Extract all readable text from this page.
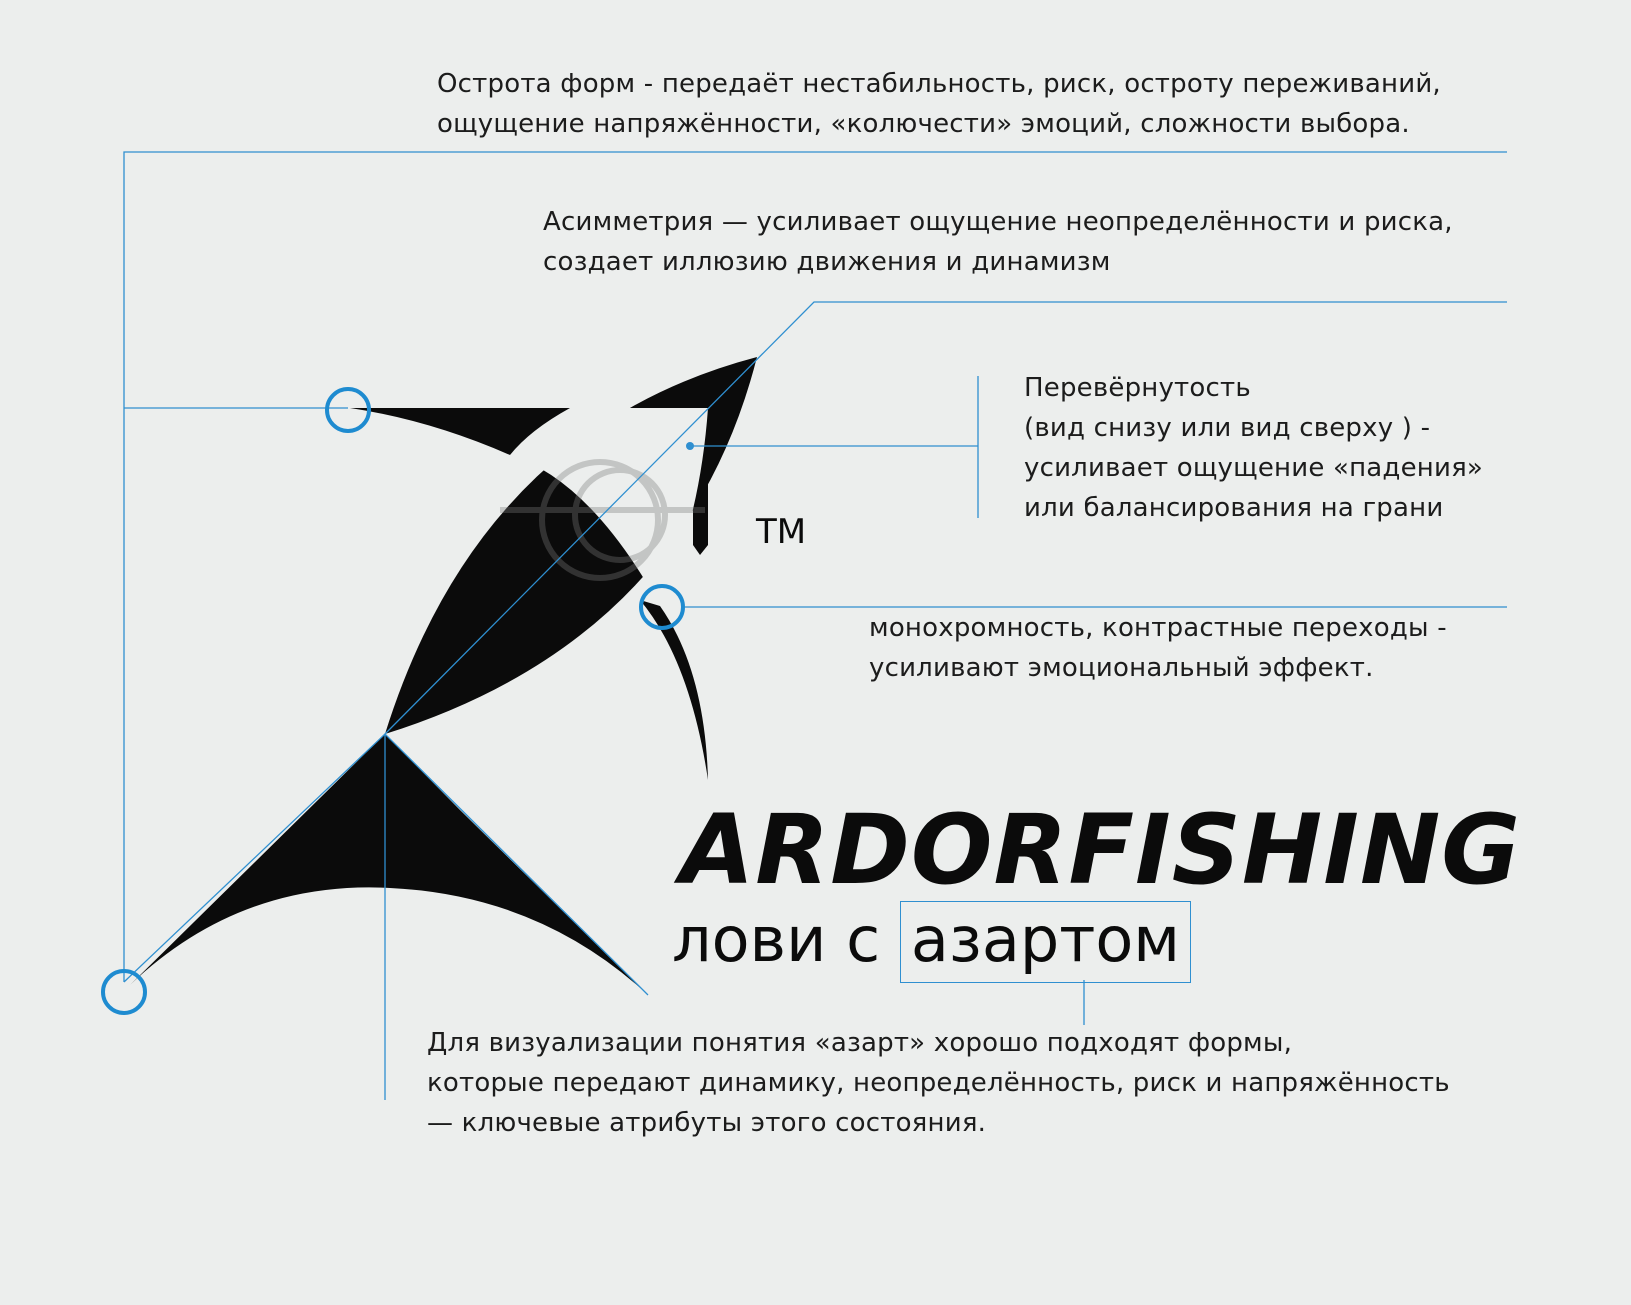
TM
Острота форм - передаёт нестабильность, риск, остроту переживаний,
ощущение напряжённости, «колючести» эмоций, сложности выбора.
Асимметрия — усиливает ощущение неопределённости и риска,
создает иллюзию движения и динамизм
Перевёрнутость
(вид снизу или вид сверху ) -
усиливает ощущение «падения»
или балансирования на грани
монохромность, контрастные переходы -
усиливают эмоциональный эффект.
Для визуализации понятия «азарт» хорошо подходят формы,
которые передают динамику, неопределённость, риск и напряжённость
— ключевые атрибуты этого состояния.
ARDORFISHING
лови с азартом
